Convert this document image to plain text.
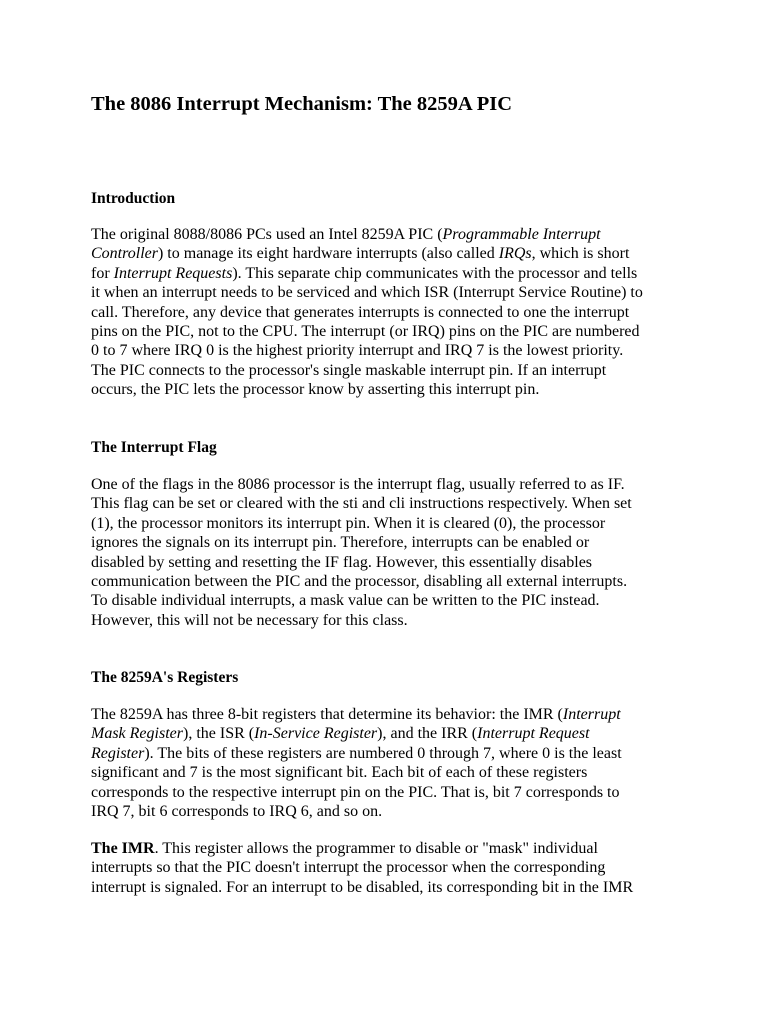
The 8086 Interrupt Mechanism: The 8259A PIC
Introduction
The original 8088/8086 PCs used an Intel 8259A PIC (Programmable Interrupt
Controller) to manage its eight hardware interrupts (also called IRQs, which is short
for Interrupt Requests). This separate chip communicates with the processor and tells
it when an interrupt needs to be serviced and which ISR (Interrupt Service Routine) to
call. Therefore, any device that generates interrupts is connected to one the interrupt
pins on the PIC, not to the CPU. The interrupt (or IRQ) pins on the PIC are numbered
0 to 7 where IRQ 0 is the highest priority interrupt and IRQ 7 is the lowest priority.
The PIC connects to the processor's single maskable interrupt pin. If an interrupt
occurs, the PIC lets the processor know by asserting this interrupt pin.
The Interrupt Flag
One of the flags in the 8086 processor is the interrupt flag, usually referred to as IF.
This flag can be set or cleared with the sti and cli instructions respectively. When set
(1), the processor monitors its interrupt pin. When it is cleared (0), the processor
ignores the signals on its interrupt pin. Therefore, interrupts can be enabled or
disabled by setting and resetting the IF flag. However, this essentially disables
communication between the PIC and the processor, disabling all external interrupts.
To disable individual interrupts, a mask value can be written to the PIC instead.
However, this will not be necessary for this class.
The 8259A's Registers
The 8259A has three 8-bit registers that determine its behavior: the IMR (Interrupt
Mask Register), the ISR (In-Service Register), and the IRR (Interrupt Request
Register). The bits of these registers are numbered 0 through 7, where 0 is the least
significant and 7 is the most significant bit. Each bit of each of these registers
corresponds to the respective interrupt pin on the PIC. That is, bit 7 corresponds to
IRQ 7, bit 6 corresponds to IRQ 6, and so on.
The IMR. This register allows the programmer to disable or "mask" individual
interrupts so that the PIC doesn't interrupt the processor when the corresponding
interrupt is signaled. For an interrupt to be disabled, its corresponding bit in the IMR
